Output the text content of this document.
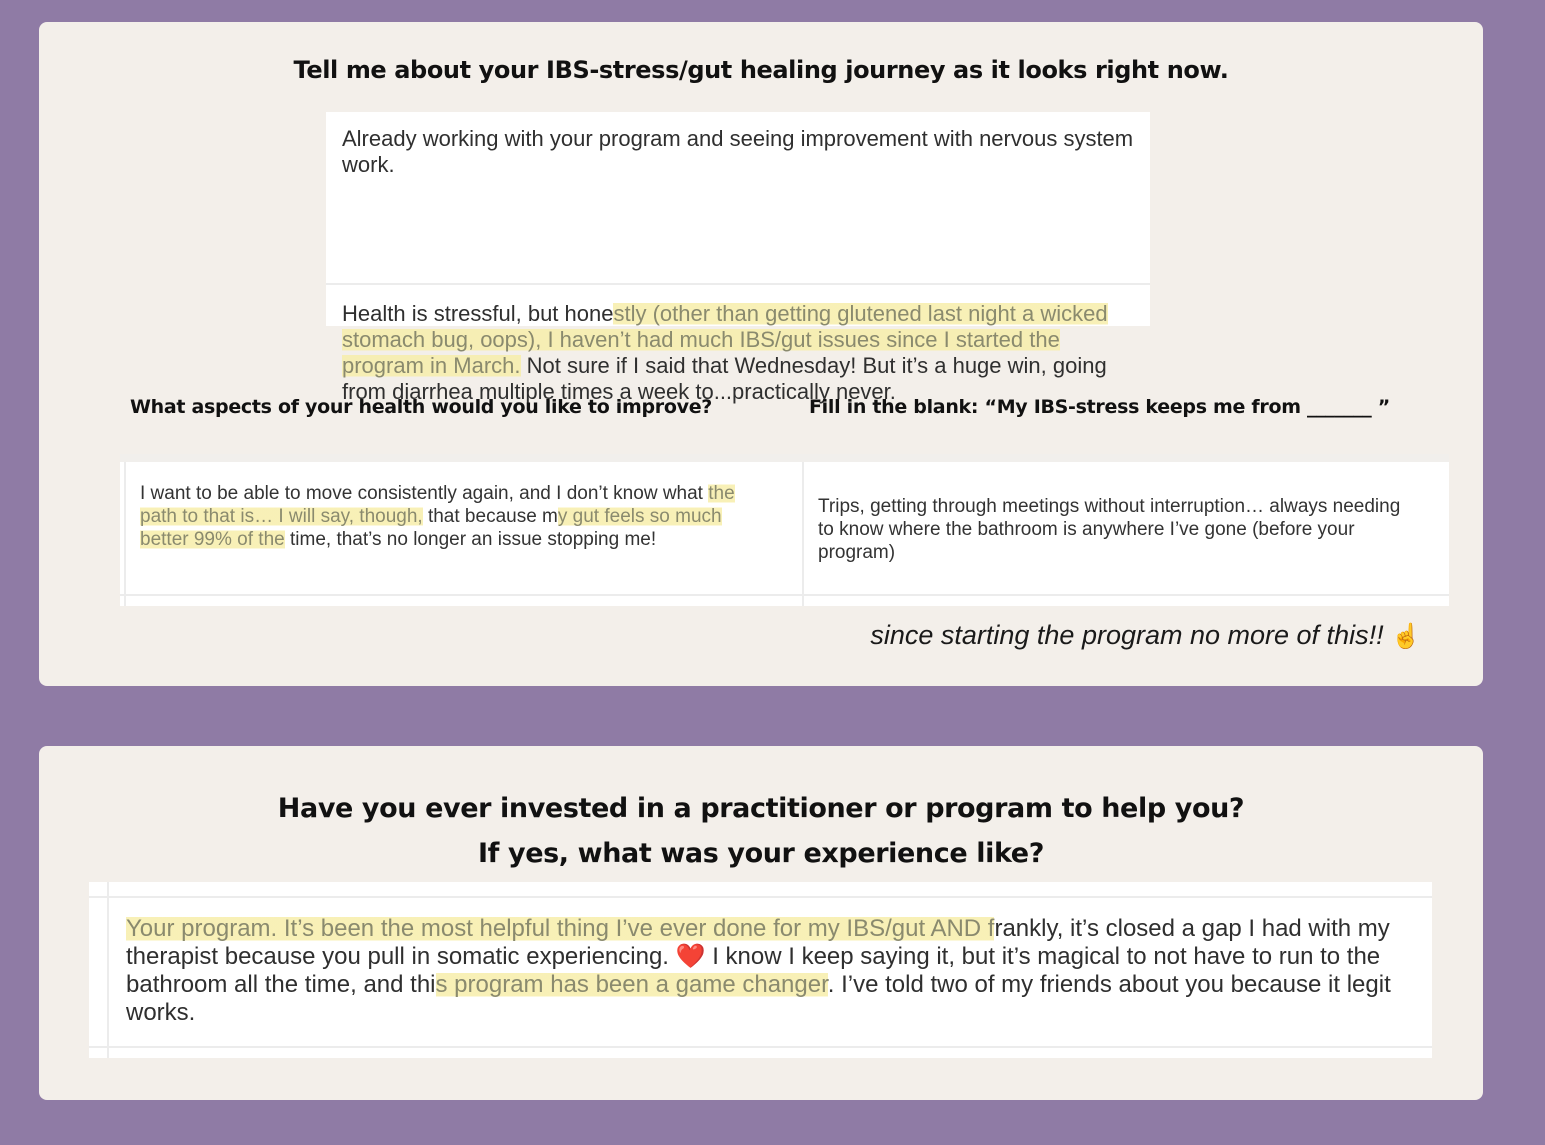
Tell me about your IBS-stress/gut healing journey as it looks right now.
Already working with your program and seeing improvement with nervous system work.
Health is stressful, but honestly (other than getting glutened last night a wicked stomach bug, oops), I haven’t had much IBS/gut issues since I started the program in March. Not sure if I said that Wednesday! But it’s a huge win, going from diarrhea multiple times a week to...practically never.
What aspects of your health would you like to improve?	Fill in the blank: “My IBS-stress keeps me from _______ ”
I want to be able to move consistently again, and I don’t know what the path to that is… I will say, though, that because my gut feels so much better 99% of the time, that’s no longer an issue stopping me!
Trips, getting through meetings without interruption… always needing to know where the bathroom is anywhere I’ve gone (before your program)
since starting the program no more of this!! ☝
Have you ever invested in a practitioner or program to help you?
If yes, what was your experience like?
Your program. It’s been the most helpful thing I’ve ever done for my IBS/gut AND frankly, it’s closed a gap I had with my therapist because you pull in somatic experiencing. ❤️ I know I keep saying it, but it’s magical to not have to run to the bathroom all the time, and this program has been a game changer. I’ve told two of my friends about you because it legit works.
